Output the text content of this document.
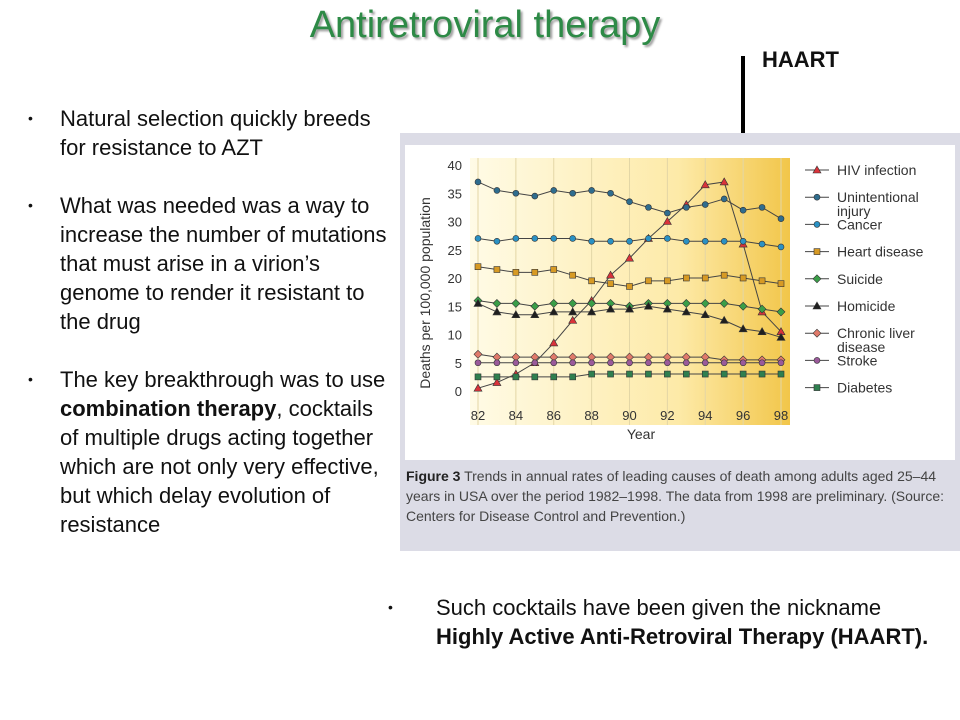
Antiretroviral therapy
• Natural selection quickly breeds for resistance to AZT
• What was needed was a way to increase the number of mutations that must arise in a virion’s genome to render it resistant to the drug
• The key breakthrough was to use combination therapy, cocktails of multiple drugs acting together which are not only very effective, but which delay evolution of resistance
HAART
82 84 86 88 90 92 94 96 98
0
5
10
15
20
25
30
35
40	HIV infection
Unintentional
injury
Cancer
Heart disease
Suicide
Homicide
Chronic liver
disease
Stroke
Diabetes
Deaths per 100,000 population
Year
Figure 3 Trends in annual rates of leading causes of death among adults aged 25–44 years in USA over the period 1982–1998. The data from 1998 are preliminary. (Source: Centers for Disease Control and Prevention.)
• Such cocktails have been given the nickname Highly Active Anti-Retroviral Therapy (HAART).
